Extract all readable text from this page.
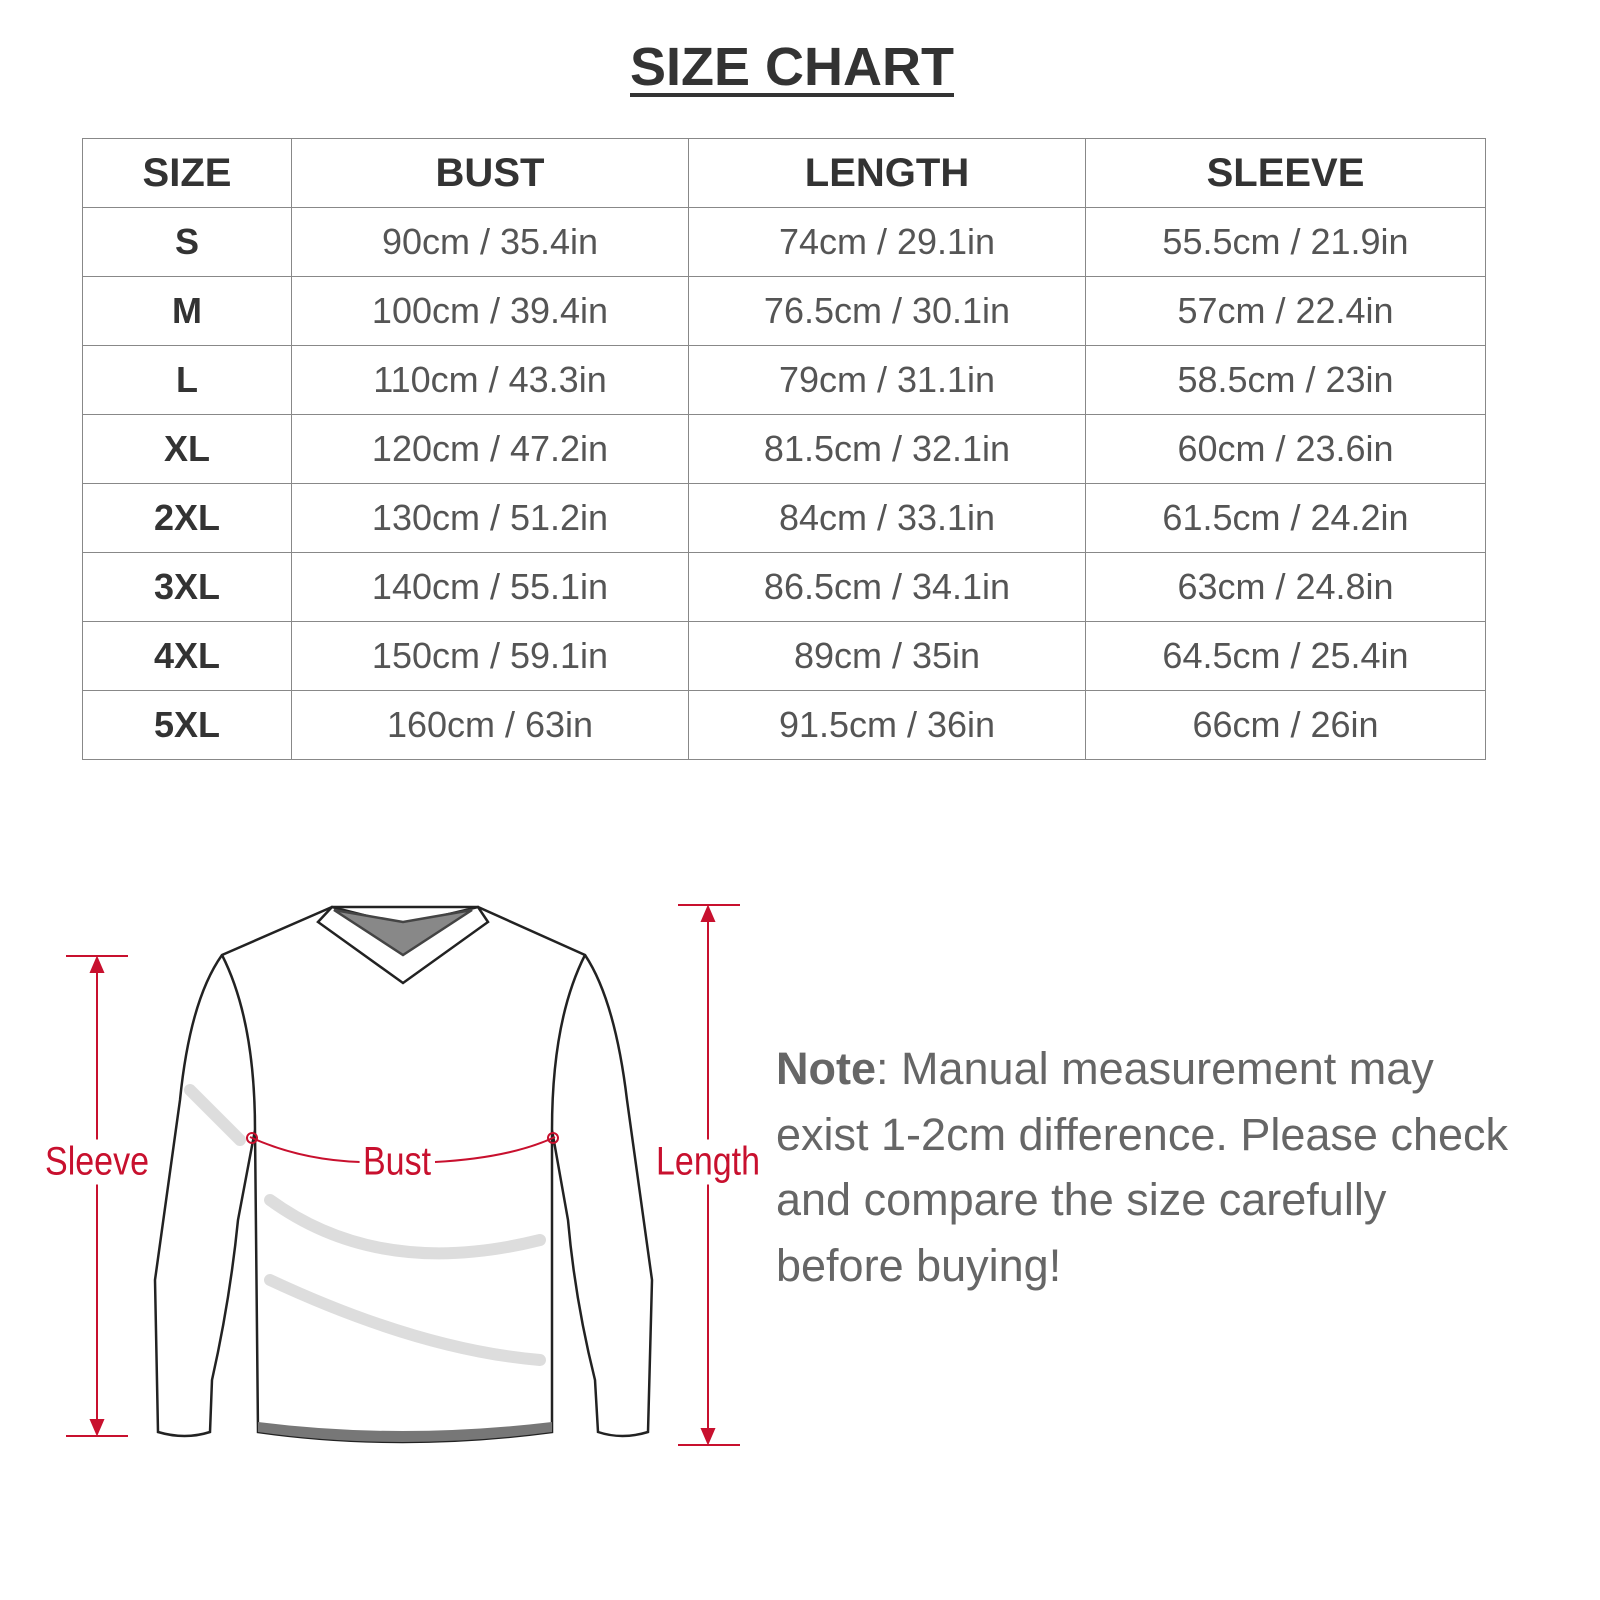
SIZE CHART
SIZE	BUST	LENGTH	SLEEVE
S	90cm / 35.4in	74cm / 29.1in	55.5cm / 21.9in
M	100cm / 39.4in	76.5cm / 30.1in	57cm / 22.4in
L	110cm / 43.3in	79cm / 31.1in	58.5cm / 23in
XL	120cm / 47.2in	81.5cm / 32.1in	60cm / 23.6in
2XL	130cm / 51.2in	84cm / 33.1in	61.5cm / 24.2in
3XL	140cm / 55.1in	86.5cm / 34.1in	63cm / 24.8in
4XL	150cm / 59.1in	89cm / 35in	64.5cm / 25.4in
5XL	160cm / 63in	91.5cm / 36in	66cm / 26in
Sleeve	Bust	Length
Note: Manual measurement may exist 1-2cm difference. Please check and compare the size carefully before buying!
